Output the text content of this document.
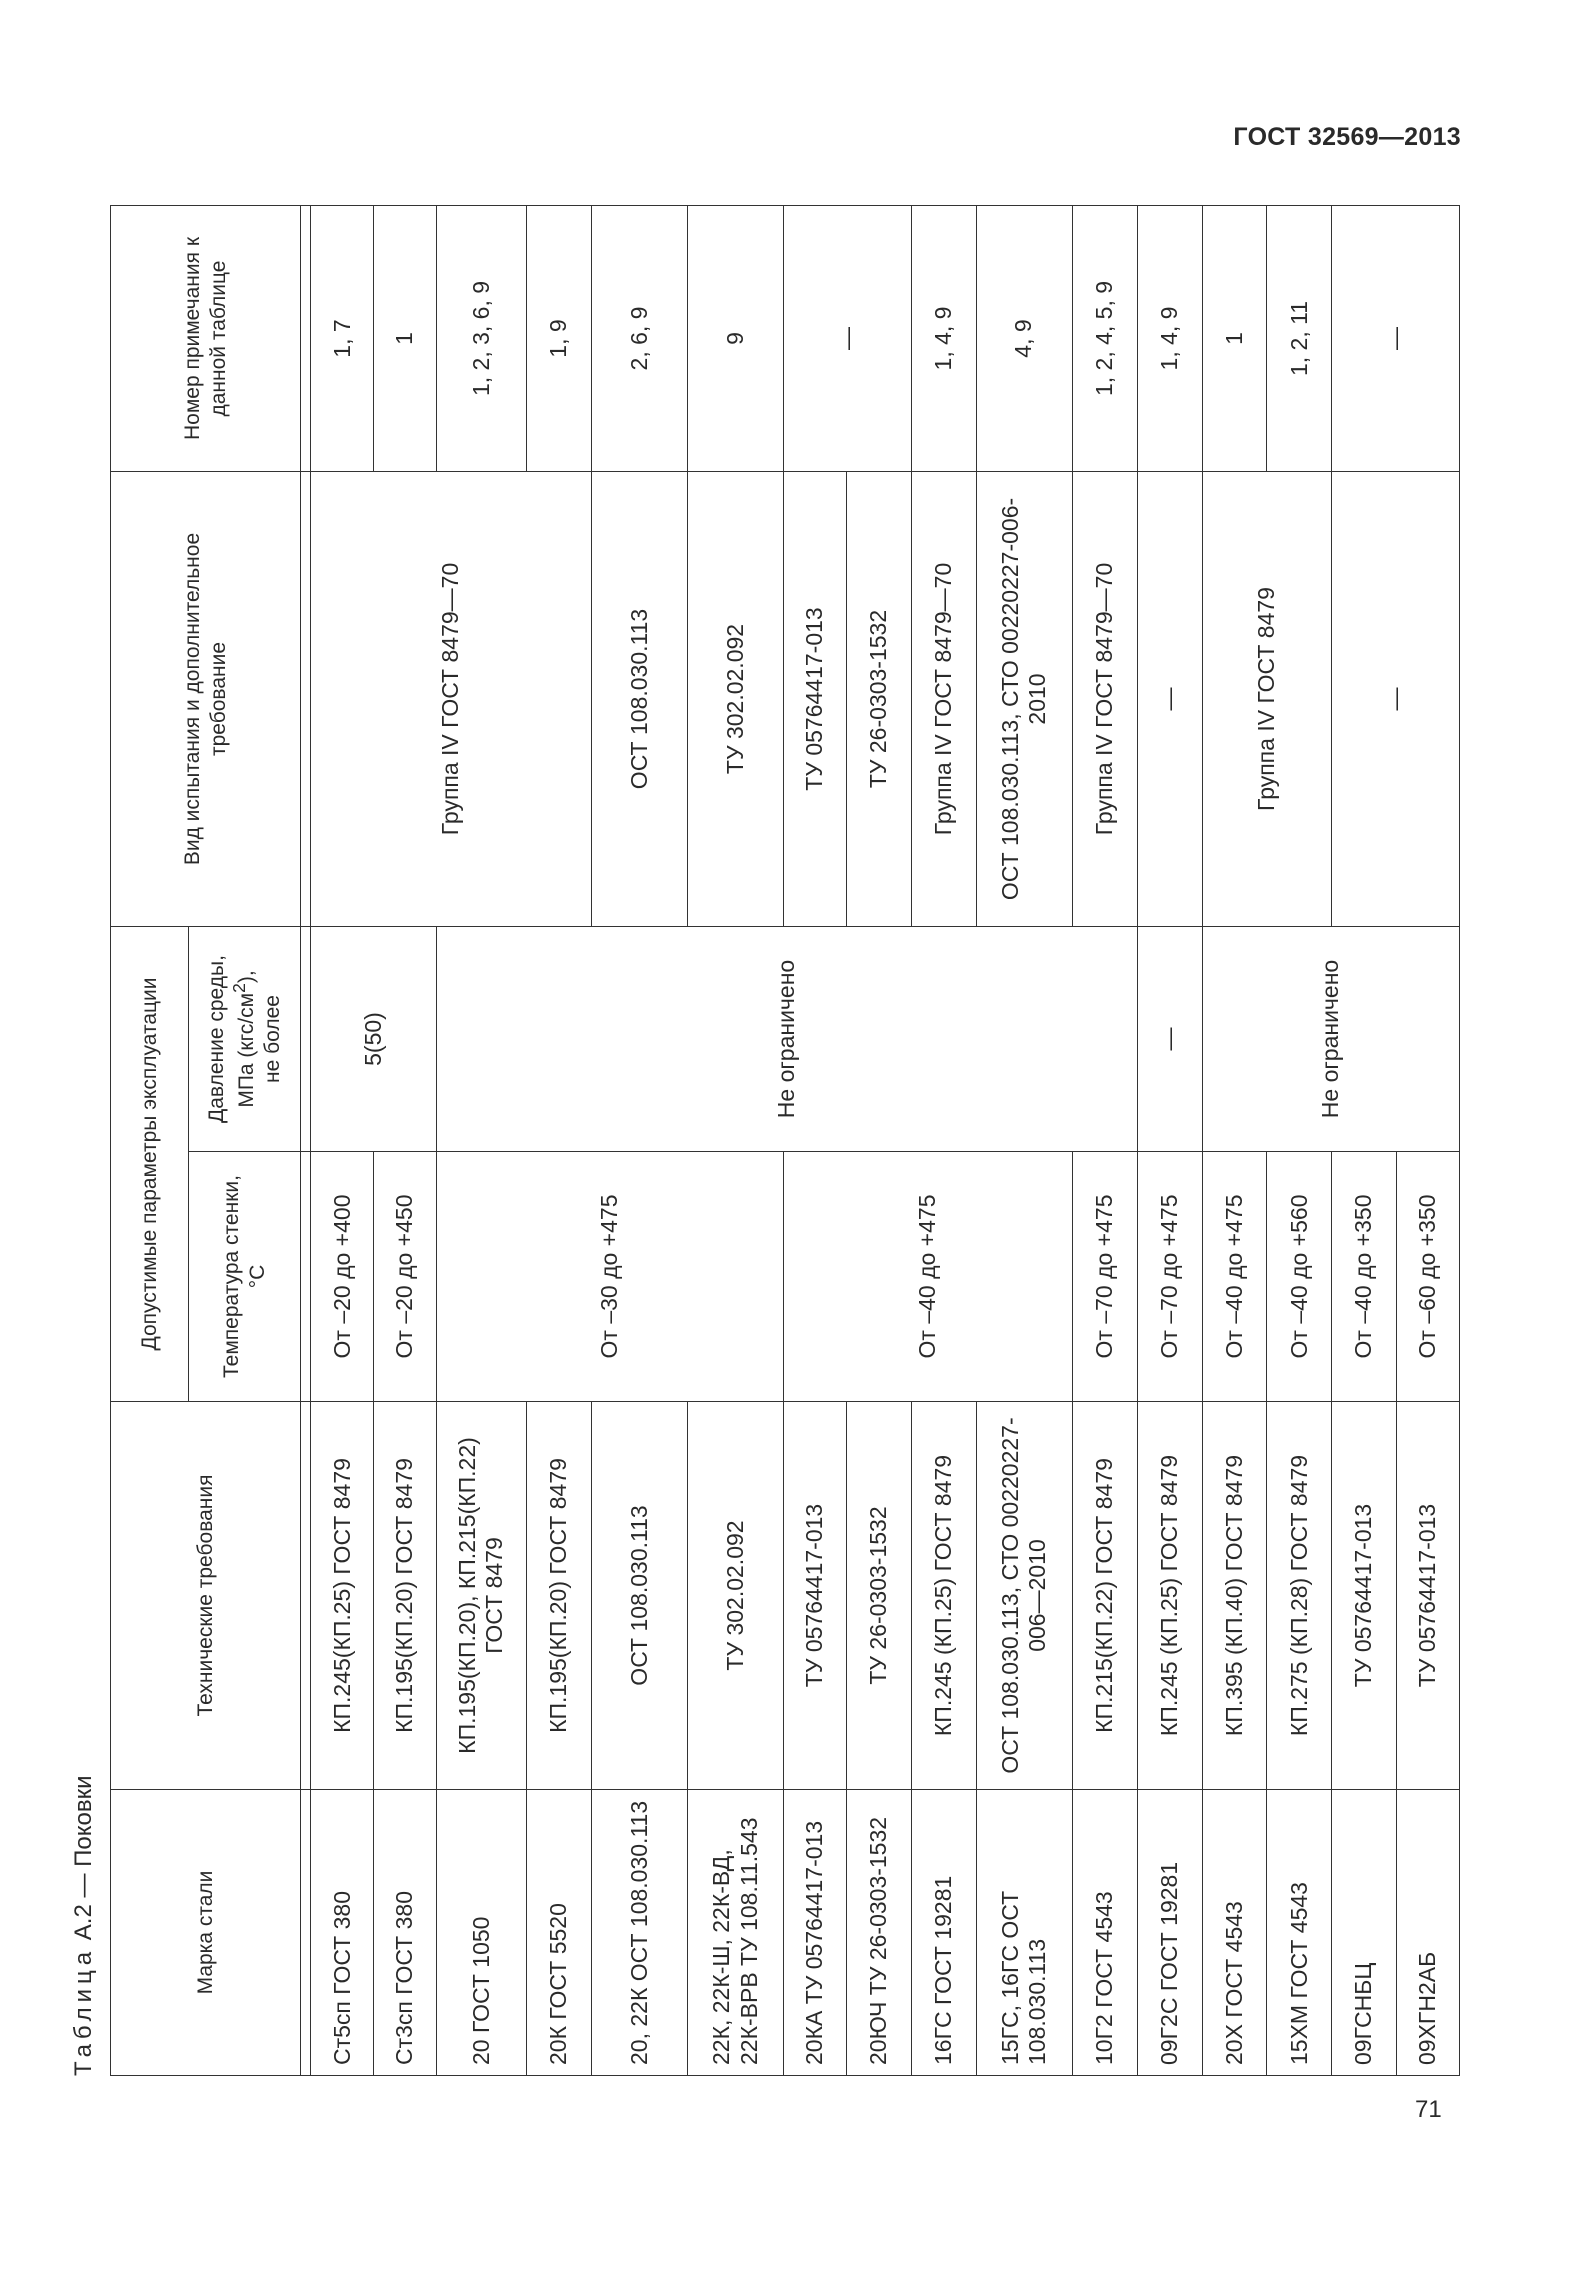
ГОСТ 32569—2013
Таблица А.2 — Поковки	Марка стали	Технические требования	Допустимые параметры эксплуатации		Вид испытания и дополнительное требование	Номер примечания к данной таблице
		Температура стенки, °С	Давление среды, МПа $(кгс/см^2)$,
не более		

Ст5сп ГОСТ 380	КП.245(КП.25) ГОСТ 8479	От –20 до +400	5(50)	Группа IV ГОСТ 8479—70	1, 7
Ст3сп ГОСТ 380	КП.195(КП.20) ГОСТ 8479	От –20 до +450			1
20 ГОСТ 1050	КП.195(КП.20), КП.215(КП.22) ГОСТ 8479	От –30 до +475	Не ограничено		1, 2, 3, 6, 9
20К ГОСТ 5520	КП.195(КП.20) ГОСТ 8479				1, 9
20, 22К ОСТ 108.030.113	ОСТ 108.030.113			ОСТ 108.030.113	2, 6, 9
22К, 22К-Ш, 22К-ВД, 22К-ВРВ ТУ 108.11.543	ТУ 302.02.092			ТУ 302.02.092	9
20КА ТУ 05764417-013	ТУ 05764417-013	От –40 до +475		ТУ 05764417-013	—
20ЮЧ ТУ 26-0303-1532	ТУ 26-0303-1532			ТУ 26-0303-1532	
16ГС ГОСТ 19281	КП.245 (КП.25) ГОСТ 8479			Группа IV ГОСТ 8479—70	1, 4, 9
15ГС, 16ГС ОСТ 108.030.113	ОСТ 108.030.113, СТО 00220227-006—2010			ОСТ 108.030.113, СТО 00220227-006-2010	4, 9
10Г2 ГОСТ 4543	КП.215(КП.22) ГОСТ 8479	От –70 до +475		Группа IV ГОСТ 8479—70	1, 2, 4, 5, 9
09Г2С ГОСТ 19281	КП.245 (КП.25) ГОСТ 8479	От –70 до +475	—	—	1, 4, 9
20Х ГОСТ 4543	КП.395 (КП.40) ГОСТ 8479	От –40 до +475	Не ограничено	Группа IV ГОСТ 8479	1
15ХМ ГОСТ 4543	КП.275 (КП.28) ГОСТ 8479	От –40 до +560			1, 2, 11
09ГСНБЦ	ТУ 05764417-013	От –40 до +350		—	—
09ХГН2АБ	ТУ 05764417-013	От –60 до +350			
71
